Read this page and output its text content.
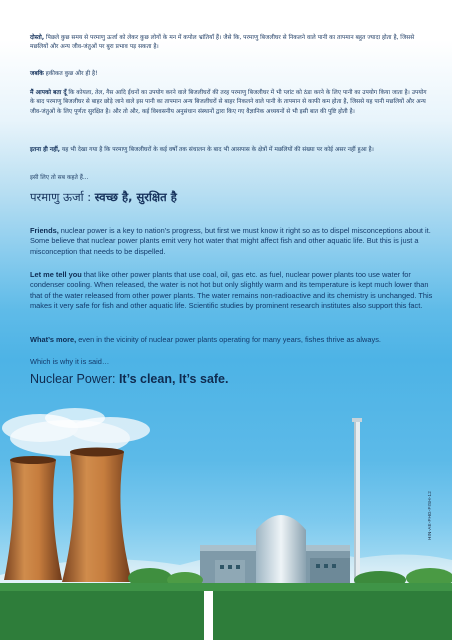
दोस्तो, पिछले कुछ समय से परमाणु ऊर्जा को लेकर कुछ लोगों के मन में कपोल भ्रांतियाँ हैं। जैसे कि, परमाणु बिजलीघर से निकलने वाले पानी का तापमान बहुत ज्यादा होता है, जिससे मछलियों और अन्य जीव-जंतुओं पर बुरा प्रभाव पड़ सकता है।

जबकि हकीकत कुछ और ही है!

मैं आपको बता दूँ कि कोयला, तेल, गैस आदि ईंधनों का उपयोग करने वाले बिजलीघरों की तरह परमाणु बिजलीघर में भी प्लांट को ठंडा करने के लिए पानी का उपयोग किया जाता है। उपयोग के बाद परमाणु बिजलीघर से बाहर छोड़े जाने वाले इस पानी का तापमान अन्य बिजलीघरों से बाहर निकलने वाले पानी के तापमान से काफी कम होता है, जिससे यह पानी मछलियों और अन्य जीव-जंतुओं के लिए पूर्णतः सुरक्षित है। और तो और, कई विश्वसनीय अनुसंधान संस्थानों द्वारा किए गए वैज्ञानिक अध्ययनों से भी इसी बात की पुष्टि होती है।

इतना ही नहीं, यह भी देखा गया है कि परमाणु बिजलीघरों के कई वर्षों तक संचालन के बाद भी आसपास के क्षेत्रों में मछलियों की संख्या पर कोई असर नहीं हुआ है।

इसी लिए तो सब कहते हैं...

परमाणु ऊर्जा : स्वच्छ है, सुरक्षित है

Friends, nuclear power is a key to nation’s progress, but first we must know it right so as to dispel misconceptions about it. Some believe that nuclear power plants emit very hot water that might affect fish and other aquatic life. But this is just a misconception that needs to be dispelled.

Let me tell you that like other power plants that use coal, oil, gas etc. as fuel, nuclear power plants too use water for condenser cooling. When released, the water is not hot but only slightly warm and its temperature is kept much lower than that of the water released from other power plants. The water remains non-radioactive and its chemistry is unchanged. This makes it very safe for fish and other aquatic life. Scientific studies by prominent research institutes also support this fact.

What’s more, even in the vicinity of nuclear power plants operating for many years, fishes thrive as always.

Which is why it is said…

Nuclear Power: It’s clean, It’s safe.

HIN-AE-FHG-FISH-12
